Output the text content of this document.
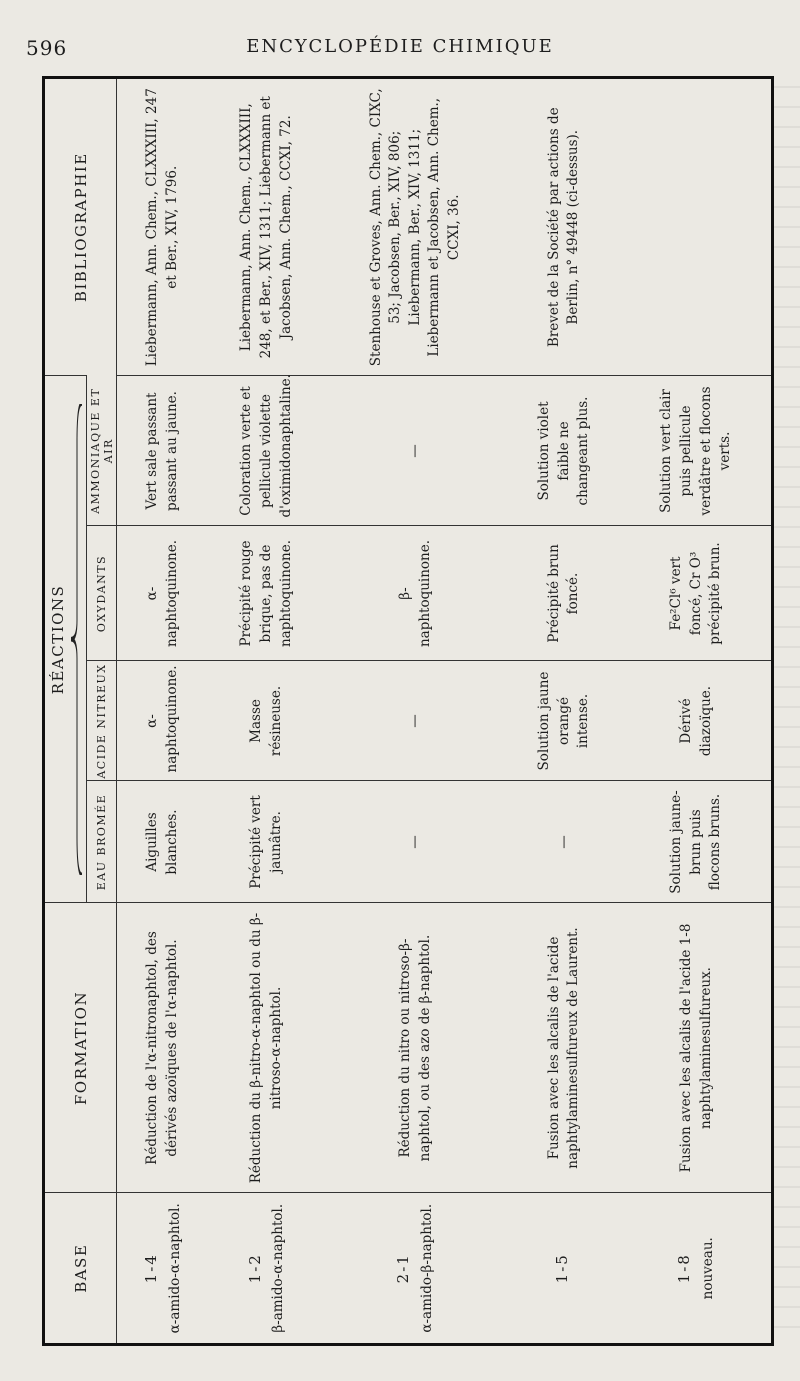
596	ENCYCLOPÉDIE CHIMIQUE
BASE	FORMATION	RÉACTIONS				BIBLIOGRAPHIE
		EAU BROMÉE	ACIDE NITREUX	OXYDANTS	AMMONIAQUE ET AIR	

1-4 α-amido-α-naphtol.	Réduction de l'α-nitronaphtol, des dérivés azoïques de l'α-naphtol.	Aiguilles blanches.	α-naphtoquinone.	α-naphtoquinone.	Vert sale passant passant au jaune.	Liebermann, Ann. Chem., CLXXXIII, 247 et Ber., XIV, 1796.

1-2 β-amido-α-naphtol.	Réduction du β-nitro-α-naphtol ou du β-nitroso-α-naphtol.	Précipité vert jaunâtre.	Masse résineuse.	Précipité rouge brique, pas de naphtoquinone.	Coloration verte et pellicule violette d'oximidonaphtaline.	Liebermann, Ann. Chem., CLXXXIII, 248, et Ber., XIV, 1311; Liebermann et Jacobsen, Ann. Chem., CCXI, 72.

2-1 α-amido-β-naphtol.	Réduction du nitro ou nitroso-β-naphtol, ou des azo de β-naphtol.	—	—	β-naphtoquinone.	—	Stenhouse et Groves, Ann. Chem., CIXC, 53; Jacobsen, Ber., XIV, 806; Liebermann, Ber., XIV, 1311; Liebermann et Jacobsen, Ann. Chem., CCXI, 36.

1-5	Fusion avec les alcalis de l'acide naphtylaminesulfureux de Laurent.	—	Solution jaune orangé intense.	Précipité brun foncé.	Solution violet faible ne changeant plus.	Brevet de la Société par actions de Berlin, n° 49448 (ci-dessus).

1-8 nouveau.	Fusion avec les alcalis de l'acide 1-8 naphtylaminesulfureux.	Solution jaune-brun puis flocons bruns.	Dérivé diazoïque.	Fe²Cl⁶ vert foncé, Cr O³ précipité brun.	Solution vert clair puis pellicule verdâtre et flocons verts.	
